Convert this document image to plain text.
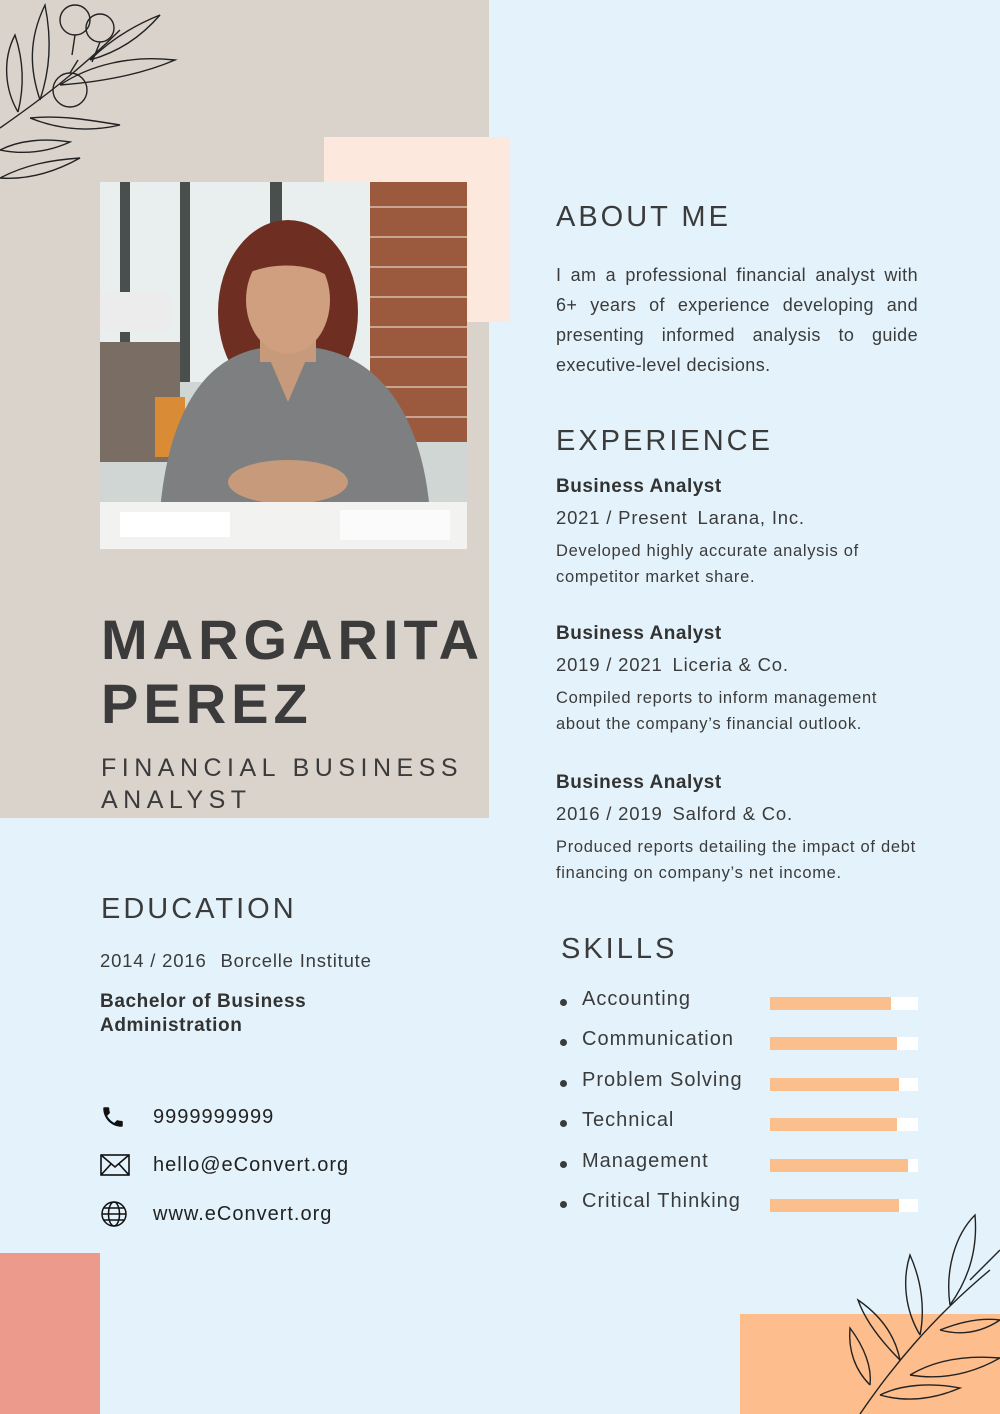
MARGARITA
PEREZ
FINANCIAL BUSINESS ANALYST
ABOUT ME
I am a professional financial analyst with 6+ years of experience developing and presenting informed analysis to guide executive-level decisions.
EXPERIENCE
Business Analyst
2021 / Present Larana, Inc.
Developed highly accurate analysis of competitor market share.
Business Analyst
2019 / 2021 Liceria & Co.
Compiled reports to inform management about the company’s financial outlook.
Business Analyst
2016 / 2019 Salford & Co.
Produced reports detailing the impact of debt financing on company’s net income.
EDUCATION
2014 / 2016 Borcelle Institute
Bachelor of Business Administration
9999999999
hello@eConvert.org
www.eConvert.org
SKILLS
Accounting
Communication
Problem Solving
Technical
Management
Critical Thinking
